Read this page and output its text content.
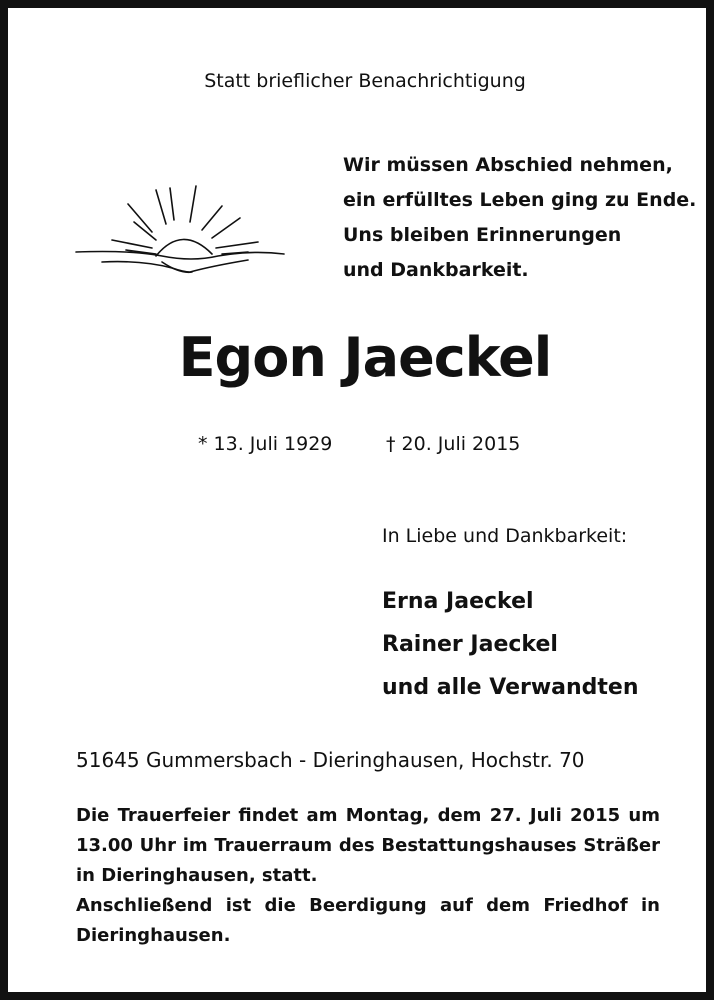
Statt brieflicher Benachrichtigung
Wir müssen Abschied nehmen,
ein erfülltes Leben ging zu Ende.
Uns bleiben Erinnerungen
und Dankbarkeit.
Egon Jaeckel
* 13. Juli 1929	† 20. Juli 2015
In Liebe und Dankbarkeit:
Erna Jaeckel
Rainer Jaeckel
und alle Verwandten
51645 Gummersbach - Dieringhausen, Hochstr. 70

Die Trauerfeier findet am Montag, dem 27. Juli 2015 um 13.00 Uhr im Trauerraum des Bestattungshauses Sträßer in Dieringhausen, statt.

Anschließend ist die Beerdigung auf dem Friedhof in Dieringhausen.
